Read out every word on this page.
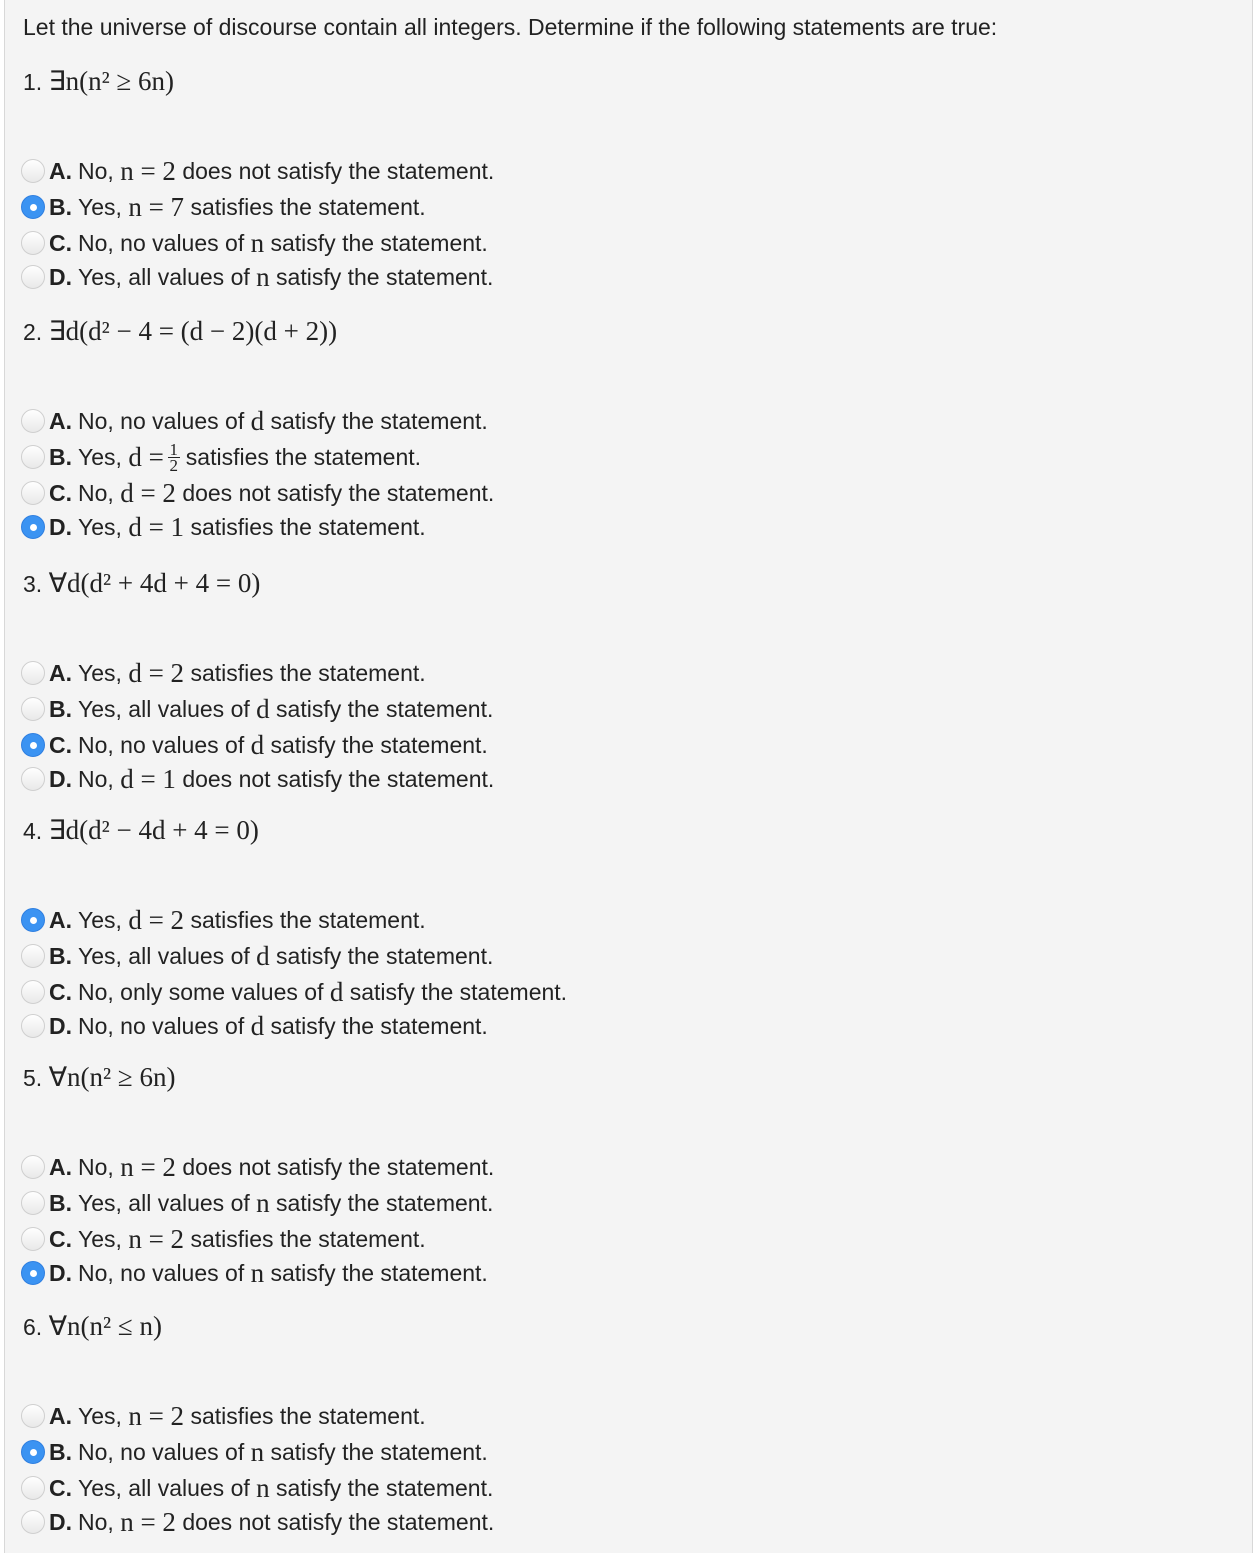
Let the universe of discourse contain all integers. Determine if the following statements are true:
1. ∃n(n² ≥ 6n)
A. No,
n = 2
does not satisfy the statement.
B. Yes,
n = 7
satisfies the statement.
C. No, no values of
n
satisfy the statement.
D. Yes, all values of
n
satisfy the statement.
2. ∃d(d² − 4 = (d − 2)(d + 2))
A. No, no values of
d
satisfy the statement.
B. Yes,
$d = \frac{1}{2}$ satisfies the statement.
C. No,
d = 2
does not satisfy the statement.
D. Yes,
d = 1
satisfies the statement.
3. ∀d(d² + 4d + 4 = 0)
A. Yes,
d = 2
satisfies the statement.
B. Yes, all values of
d
satisfy the statement.
C. No, no values of
d
satisfy the statement.
D. No,
d = 1
does not satisfy the statement.
4. ∃d(d² − 4d + 4 = 0)
A. Yes,
d = 2
satisfies the statement.
B. Yes, all values of
d
satisfy the statement.
C. No, only some values of
d
satisfy the statement.
D. No, no values of
d
satisfy the statement.
5. ∀n(n² ≥ 6n)
A. No,
n = 2
does not satisfy the statement.
B. Yes, all values of
n
satisfy the statement.
C. Yes,
n = 2
satisfies the statement.
D. No, no values of
n
satisfy the statement.
6. ∀n(n² ≤ n)
A. Yes,
n = 2
satisfies the statement.
B. No, no values of
n
satisfy the statement.
C. Yes, all values of
n
satisfy the statement.
D. No,
n = 2
does not satisfy the statement.
